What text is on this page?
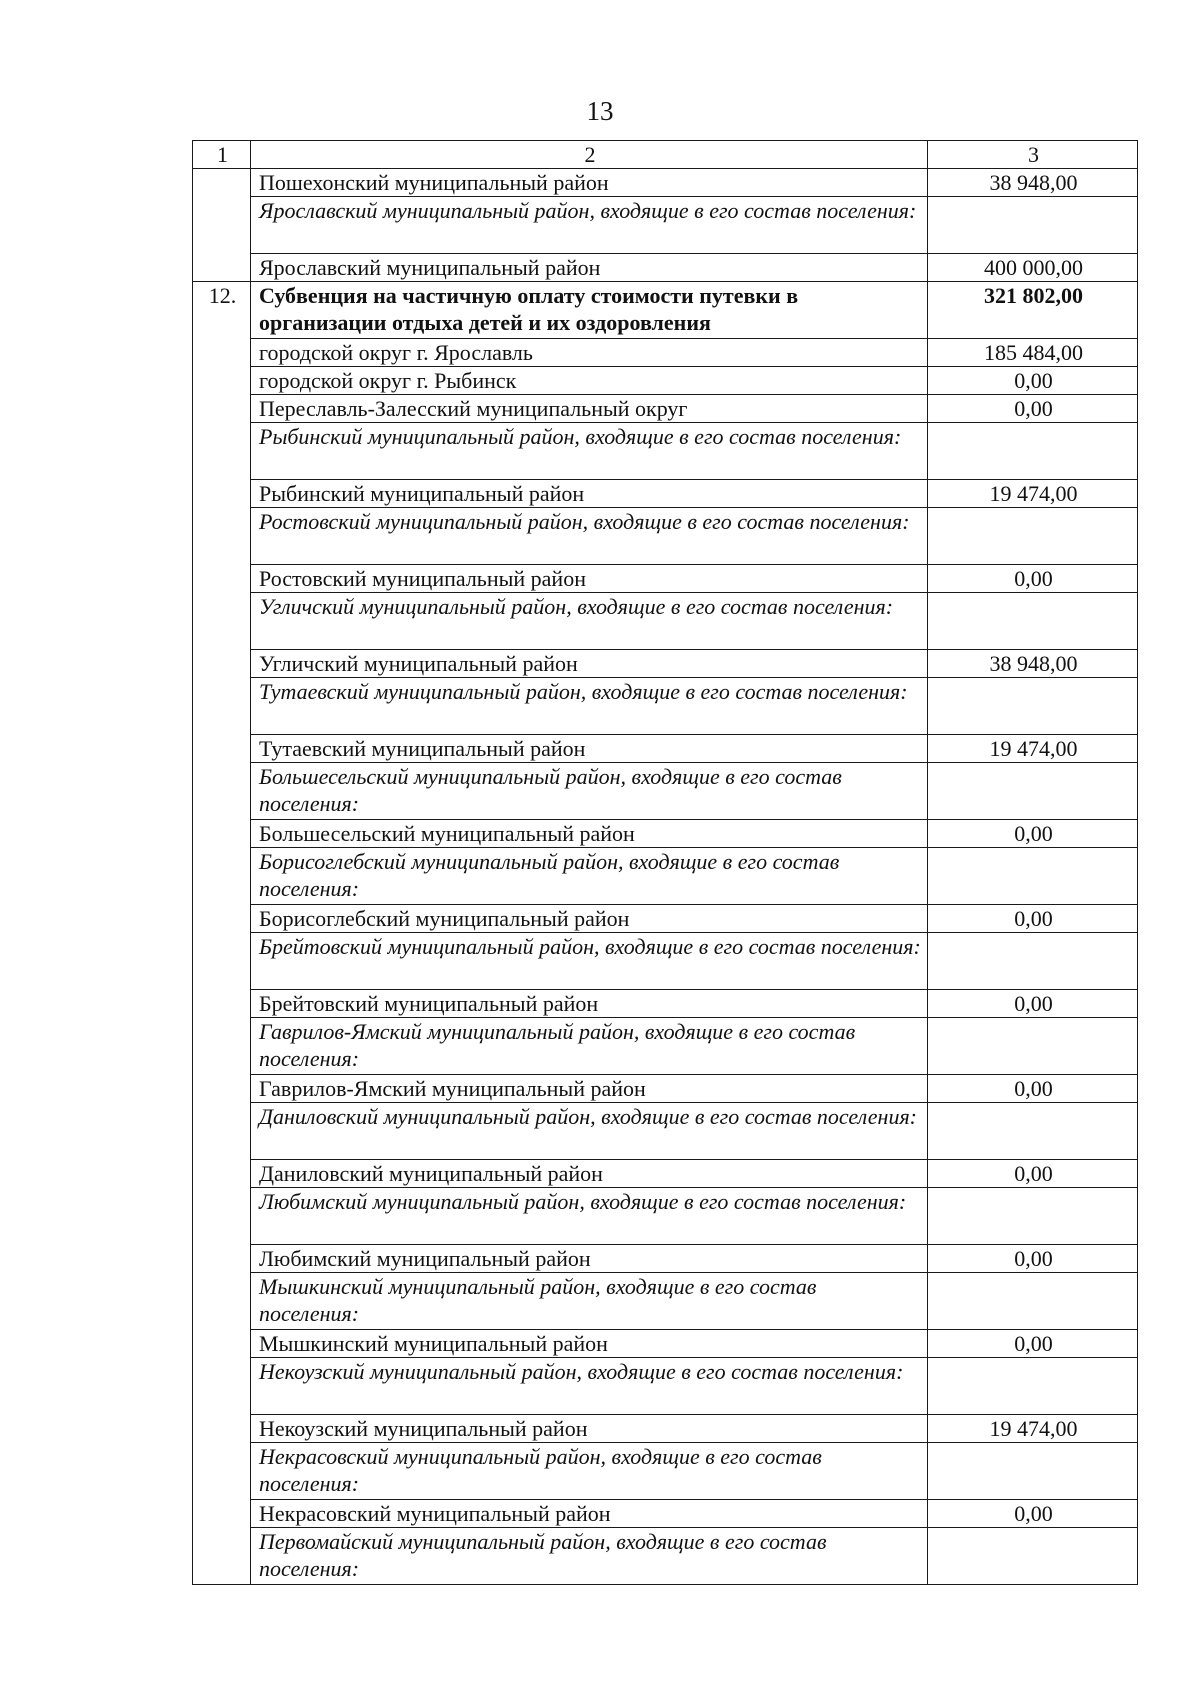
13
1	2	3
	Пошехонский муниципальный район	38 948,00
	Ярославский муниципальный район, входящие в его состав поселения:	
	Ярославский муниципальный район	400 000,00
12.	Субвенция на частичную оплату стоимости путевки в организации отдыха детей и их оздоровления	321 802,00
	городской округ г. Ярославль	185 484,00
	городской округ г. Рыбинск	0,00
	Переславль-Залесский муниципальный округ	0,00
	Рыбинский муниципальный район, входящие в его состав поселения:	
	Рыбинский муниципальный район	19 474,00
	Ростовский муниципальный район, входящие в его состав поселения:	
	Ростовский муниципальный район	0,00
	Угличский муниципальный район, входящие в его состав поселения:	
	Угличский муниципальный район	38 948,00
	Тутаевский муниципальный район, входящие в его состав поселения:	
	Тутаевский муниципальный район	19 474,00
	Большесельский муниципальный район, входящие в его состав поселения:	
	Большесельский муниципальный район	0,00
	Борисоглебский муниципальный район, входящие в его состав поселения:	
	Борисоглебский муниципальный район	0,00
	Брейтовский муниципальный район, входящие в его состав поселения:	
	Брейтовский муниципальный район	0,00
	Гаврилов-Ямский муниципальный район, входящие в его состав поселения:	
	Гаврилов-Ямский муниципальный район	0,00
	Даниловский муниципальный район, входящие в его состав поселения:	
	Даниловский муниципальный район	0,00
	Любимский муниципальный район, входящие в его состав поселения:	
	Любимский муниципальный район	0,00
	Мышкинский муниципальный район, входящие в его состав поселения:	
	Мышкинский муниципальный район	0,00
	Некоузский муниципальный район, входящие в его состав поселения:	
	Некоузский муниципальный район	19 474,00
	Некрасовский муниципальный район, входящие в его состав поселения:	
	Некрасовский муниципальный район	0,00
	Первомайский муниципальный район, входящие в его состав поселения:	
